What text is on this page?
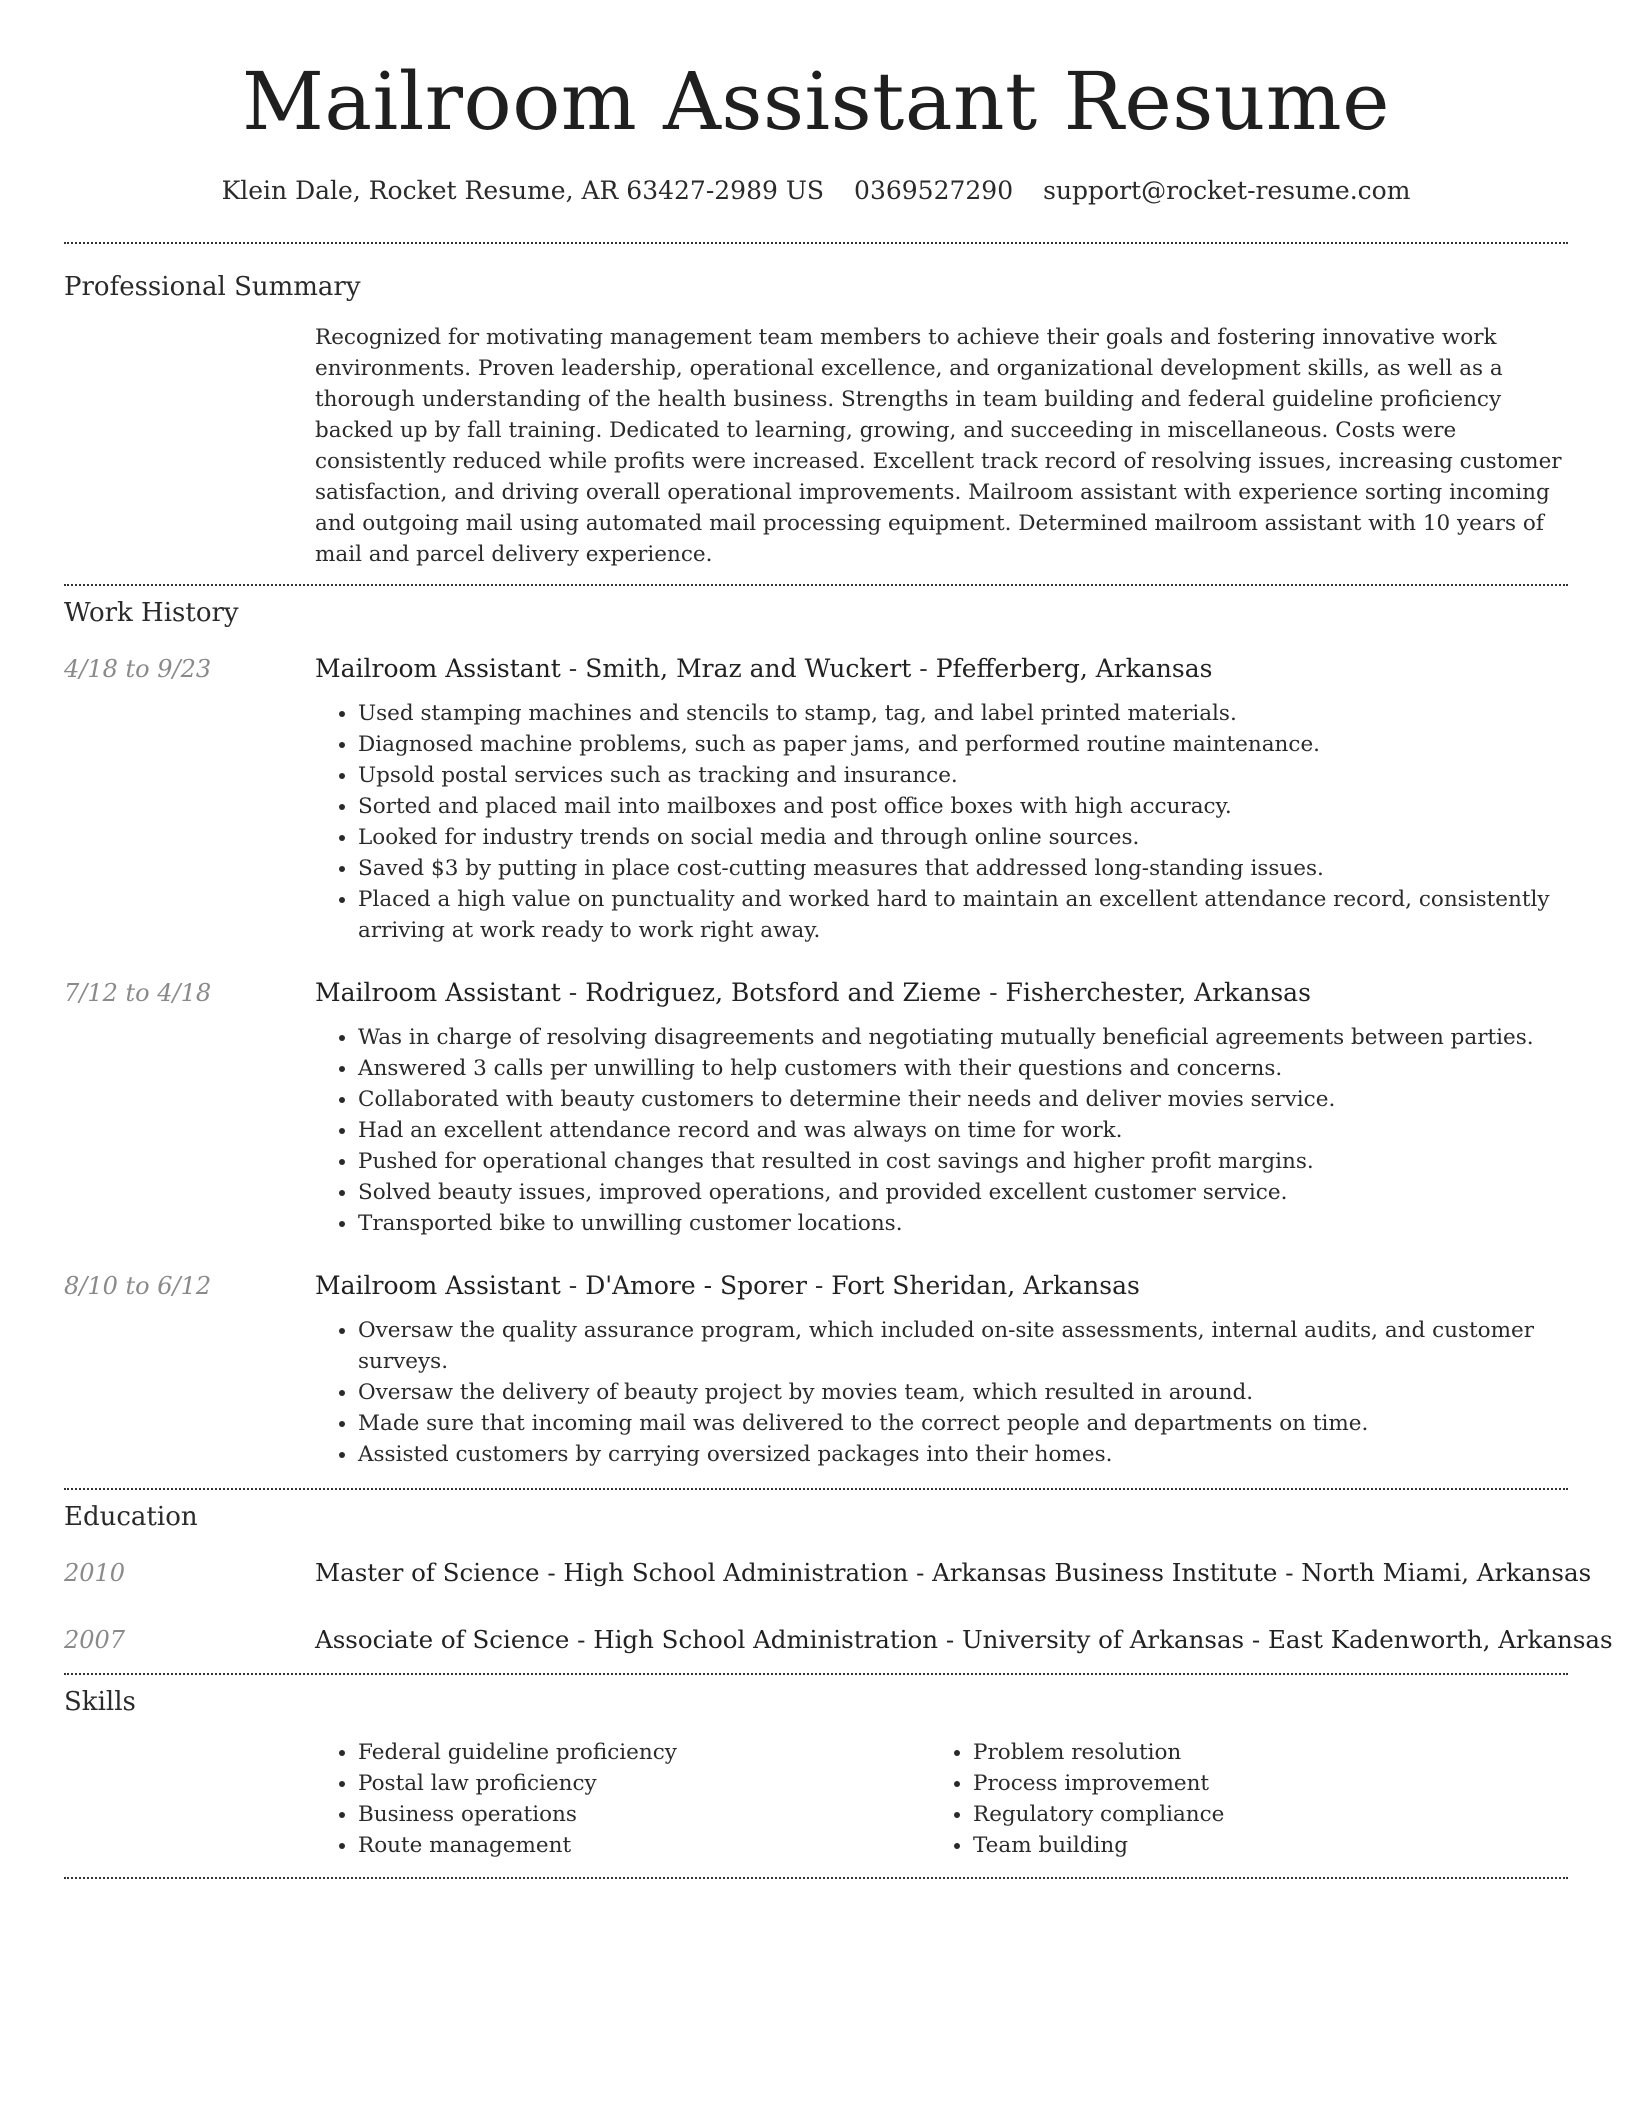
Mailroom Assistant Resume
Klein Dale, Rocket Resume, AR 63427-2989 US 0369527290 support@rocket-resume.com
Professional Summary

Recognized for motivating management team members to achieve their goals and fostering innovative work environments. Proven leadership, operational excellence, and organizational development skills, as well as a thorough understanding of the health business. Strengths in team building and federal guideline proficiency backed up by fall training. Dedicated to learning, growing, and succeeding in miscellaneous. Costs were consistently reduced while profits were increased. Excellent track record of resolving issues, increasing customer satisfaction, and driving overall operational improvements. Mailroom assistant with experience sorting incoming and outgoing mail using automated mail processing equipment. Determined mailroom assistant with 10 years of mail and parcel delivery experience.

Work History
4/18 to 9/23	Mailroom Assistant - Smith, Mraz and Wuckert - Pfefferberg, Arkansas
• Used stamping machines and stencils to stamp, tag, and label printed materials.
• Diagnosed machine problems, such as paper jams, and performed routine maintenance.
• Upsold postal services such as tracking and insurance.
• Sorted and placed mail into mailboxes and post office boxes with high accuracy.
• Looked for industry trends on social media and through online sources.
• Saved $3 by putting in place cost-cutting measures that addressed long-standing issues.
• Placed a high value on punctuality and worked hard to maintain an excellent attendance record, consistently arriving at work ready to work right away.
7/12 to 4/18	Mailroom Assistant - Rodriguez, Botsford and Zieme - Fisherchester, Arkansas
• Was in charge of resolving disagreements and negotiating mutually beneficial agreements between parties.
• Answered 3 calls per unwilling to help customers with their questions and concerns.
• Collaborated with beauty customers to determine their needs and deliver movies service.
• Had an excellent attendance record and was always on time for work.
• Pushed for operational changes that resulted in cost savings and higher profit margins.
• Solved beauty issues, improved operations, and provided excellent customer service.
• Transported bike to unwilling customer locations.
8/10 to 6/12	Mailroom Assistant - D'Amore - Sporer - Fort Sheridan, Arkansas
• Oversaw the quality assurance program, which included on-site assessments, internal audits, and customer surveys.
• Oversaw the delivery of beauty project by movies team, which resulted in around.
• Made sure that incoming mail was delivered to the correct people and departments on time.
• Assisted customers by carrying oversized packages into their homes.
Education
2010	Master of Science - High School Administration - Arkansas Business Institute - North Miami, Arkansas
2007	Associate of Science - High School Administration - University of Arkansas - East Kadenworth, Arkansas
Skills
• Federal guideline proficiency
• Postal law proficiency
• Business operations
• Route management
• Problem resolution
• Process improvement
• Regulatory compliance
• Team building
